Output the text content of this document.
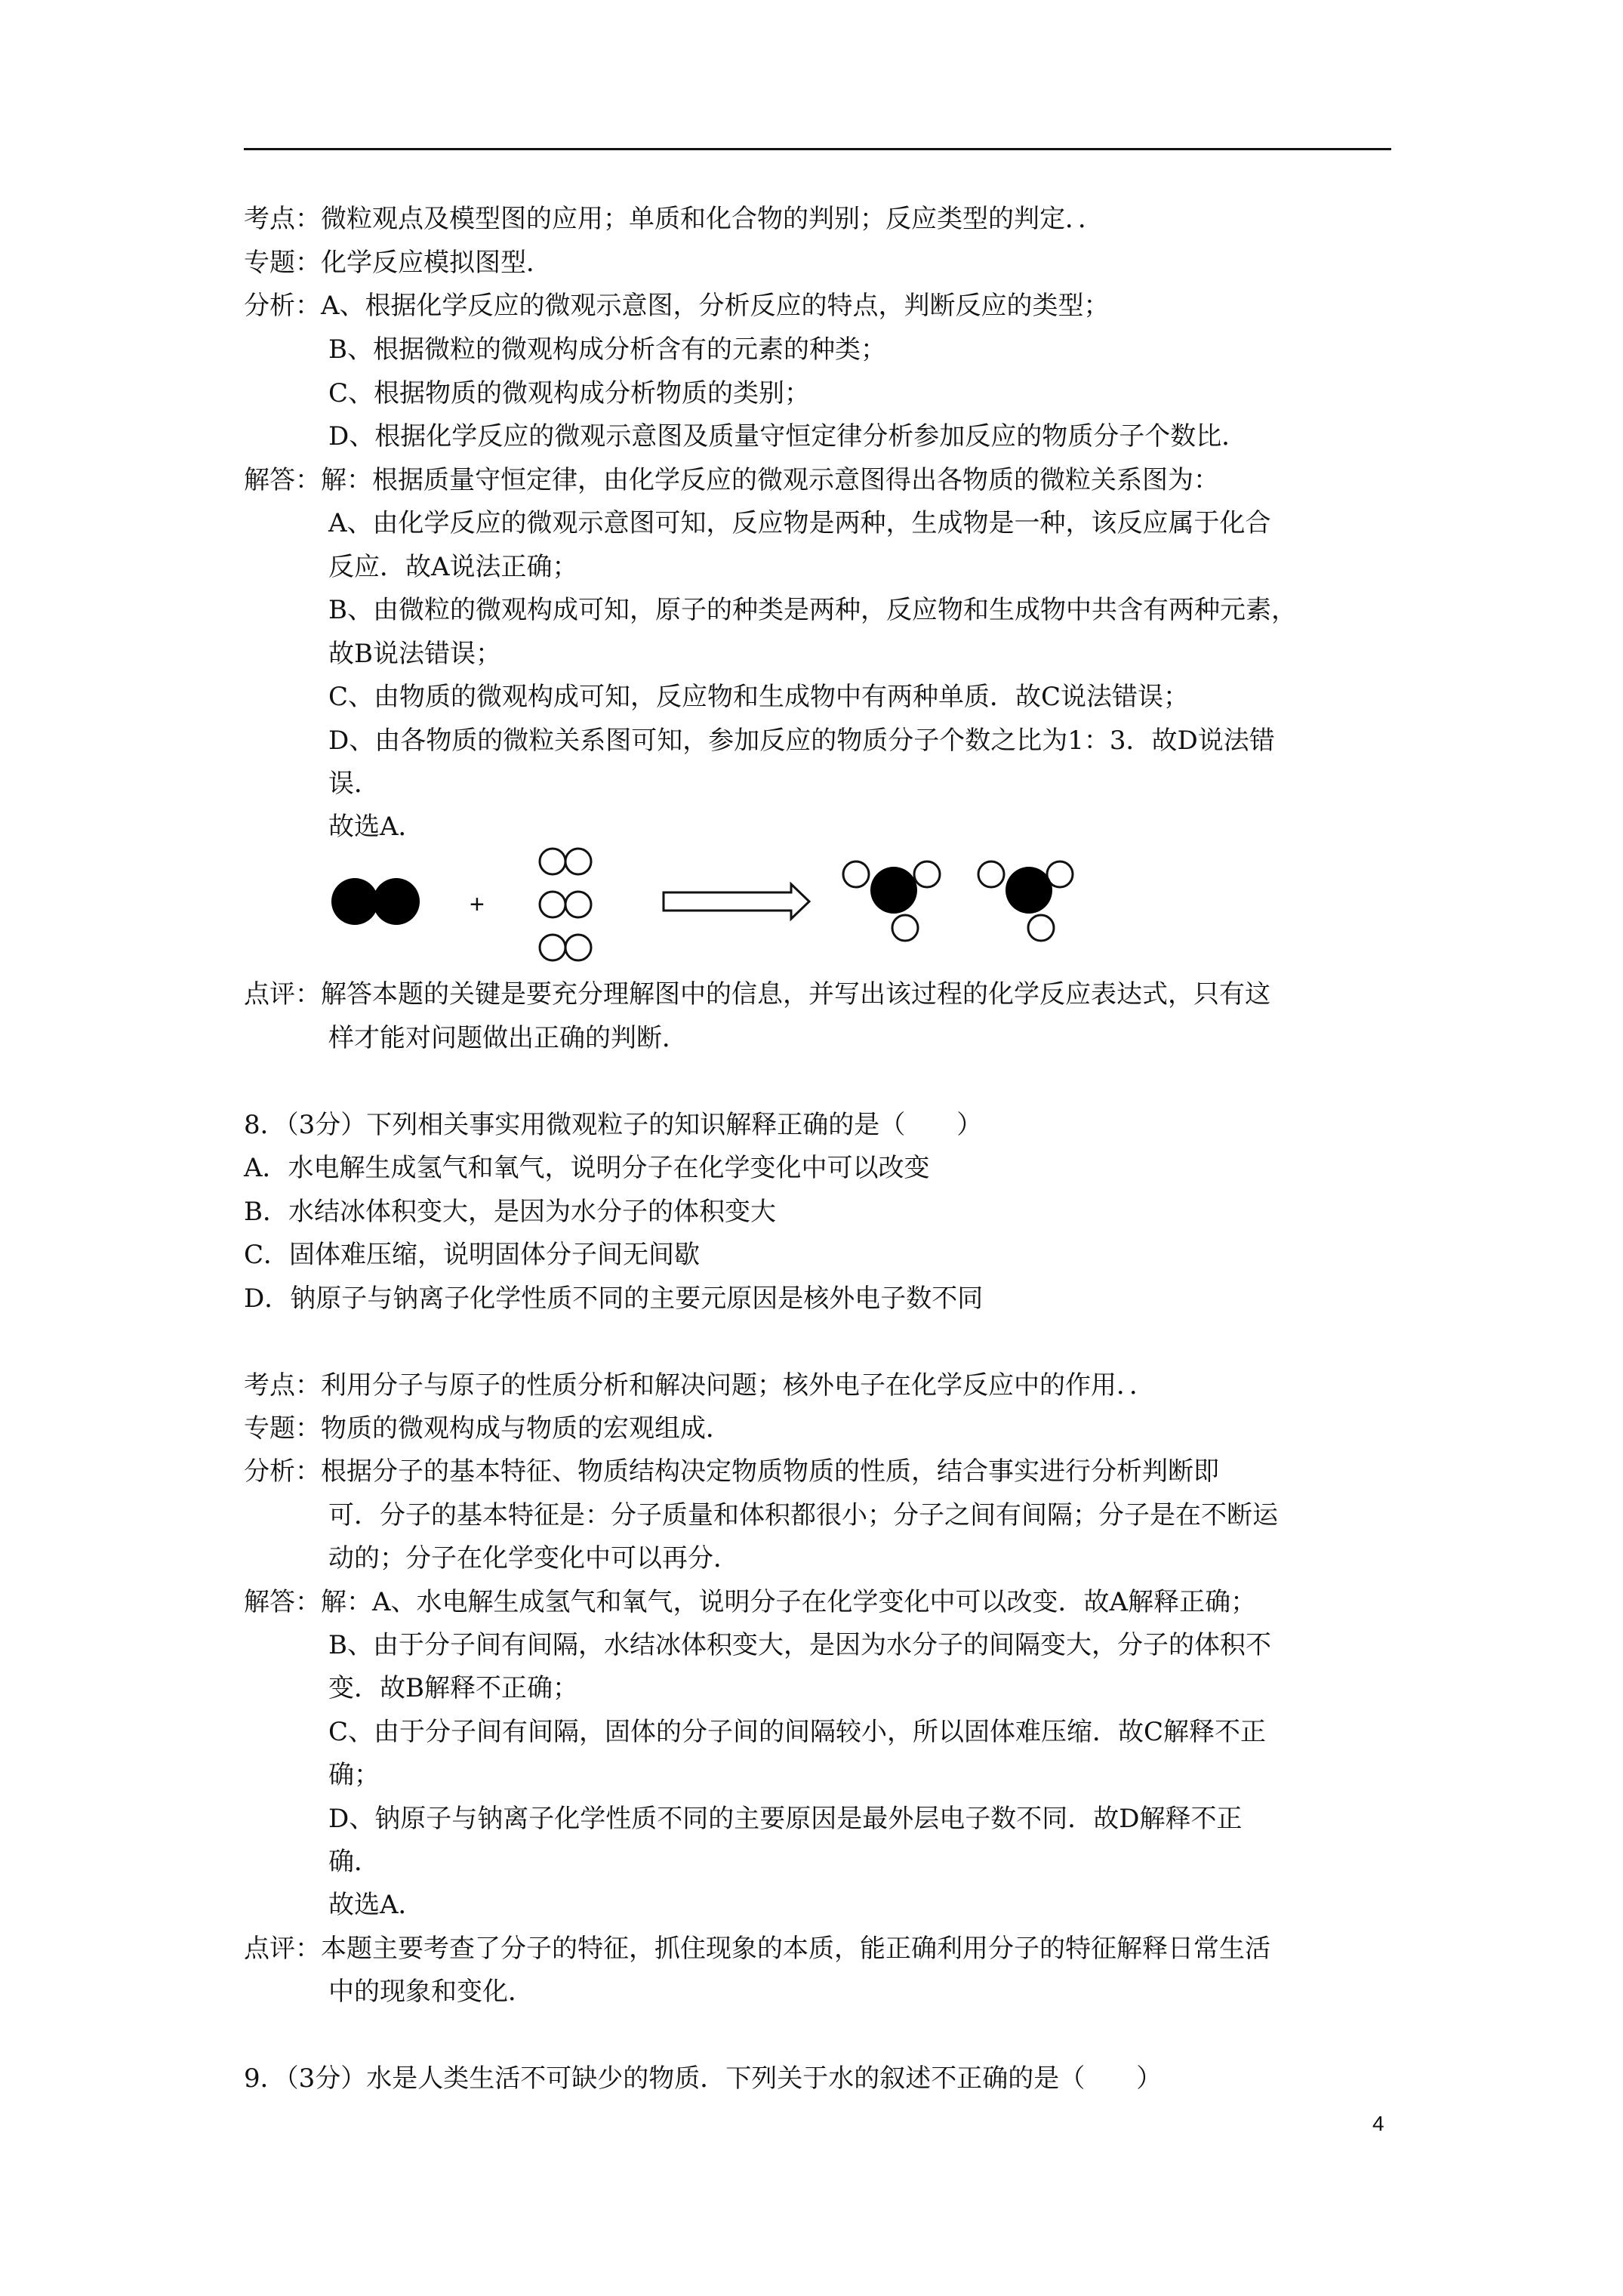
考点：微粒观点及模型图的应用；单质和化合物的判别；反应类型的判定．．
专题：化学反应模拟图型．
分析：A、根据化学反应的微观示意图，分析反应的特点，判断反应的类型；
B、根据微粒的微观构成分析含有的元素的种类；
C、根据物质的微观构成分析物质的类别；
D、根据化学反应的微观示意图及质量守恒定律分析参加反应的物质分子个数比．
解答：解：根据质量守恒定律，由化学反应的微观示意图得出各物质的微粒关系图为：
A、由化学反应的微观示意图可知，反应物是两种，生成物是一种，该反应属于化合
反应．故A说法正确；
B、由微粒的微观构成可知，原子的种类是两种，反应物和生成物中共含有两种元素，
故B说法错误；
C、由物质的微观构成可知，反应物和生成物中有两种单质．故C说法错误；
D、由各物质的微粒关系图可知，参加反应的物质分子个数之比为1：3．故D说法错
误．
故选A．
点评：解答本题的关键是要充分理解图中的信息，并写出该过程的化学反应表达式，只有这
样才能对问题做出正确的判断．
8．（3分）下列相关事实用微观粒子的知识解释正确的是（　　）
A．水电解生成氢气和氧气，说明分子在化学变化中可以改变
B．水结冰体积变大，是因为水分子的体积变大
C．固体难压缩，说明固体分子间无间歇
D．钠原子与钠离子化学性质不同的主要元原因是核外电子数不同
考点：利用分子与原子的性质分析和解决问题；核外电子在化学反应中的作用．．
专题：物质的微观构成与物质的宏观组成．
分析：根据分子的基本特征、物质结构决定物质物质的性质，结合事实进行分析判断即
可．分子的基本特征是：分子质量和体积都很小；分子之间有间隔；分子是在不断运
动的；分子在化学变化中可以再分．
解答：解：A、水电解生成氢气和氧气，说明分子在化学变化中可以改变．故A解释正确；
B、由于分子间有间隔，水结冰体积变大，是因为水分子的间隔变大，分子的体积不
变．故B解释不正确；
C、由于分子间有间隔，固体的分子间的间隔较小，所以固体难压缩．故C解释不正
确；
D、钠原子与钠离子化学性质不同的主要原因是最外层电子数不同．故D解释不正
确．
故选A．
点评：本题主要考查了分子的特征，抓住现象的本质，能正确利用分子的特征解释日常生活
中的现象和变化．
9．（3分）水是人类生活不可缺少的物质．下列关于水的叙述不正确的是（　　）
+
4
